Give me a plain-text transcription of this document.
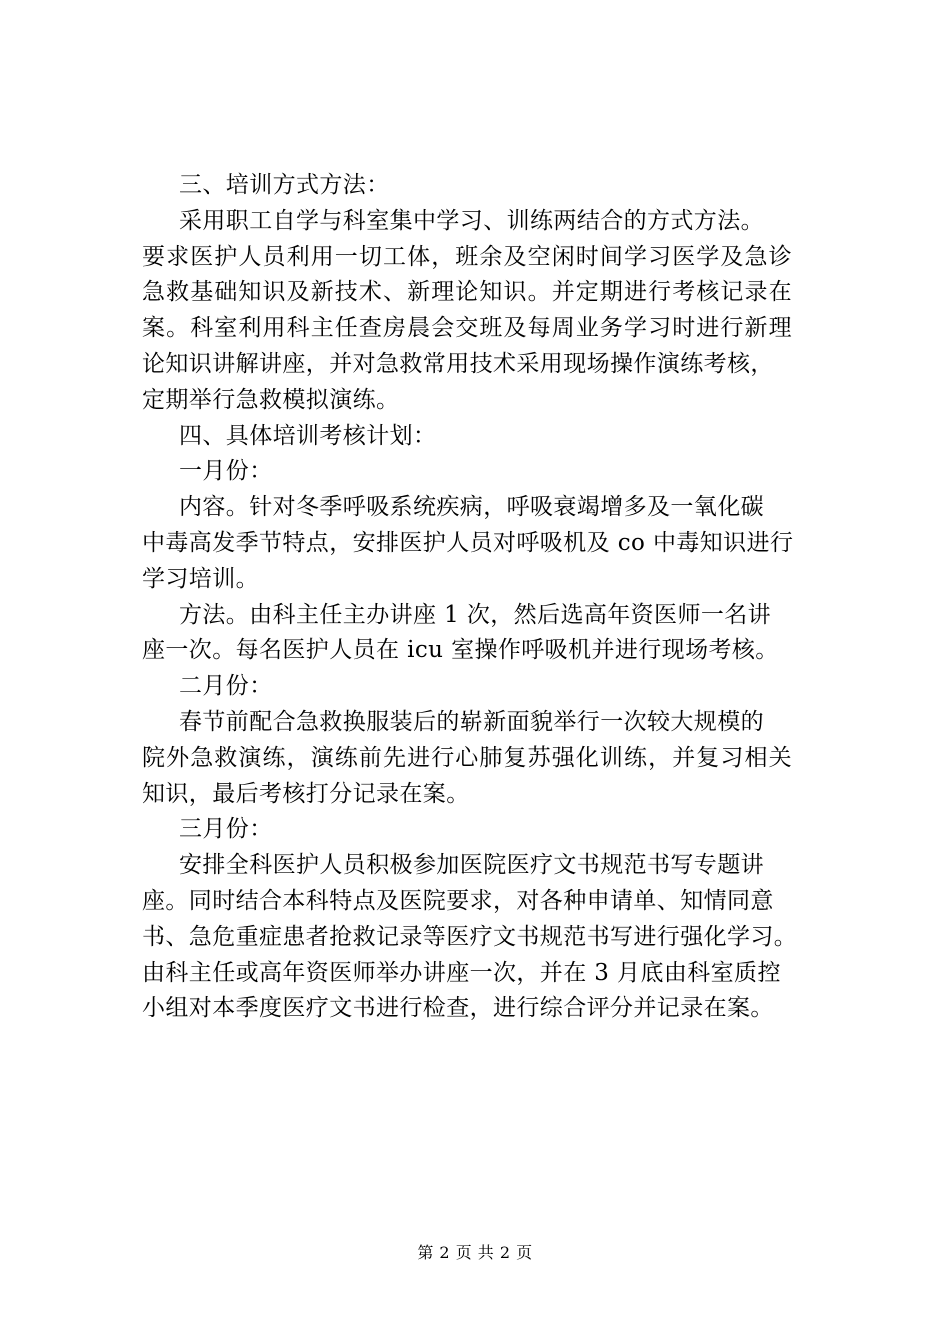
三、培训方式方法：
采用职工自学与科室集中学习、训练两结合的方式方法。
要求医护人员利用一切工体，班余及空闲时间学习医学及急诊
急救基础知识及新技术、新理论知识。并定期进行考核记录在
案。科室利用科主任查房晨会交班及每周业务学习时进行新理
论知识讲解讲座，并对急救常用技术采用现场操作演练考核，
定期举行急救模拟演练。
四、具体培训考核计划：
一月份：
内容。针对冬季呼吸系统疾病，呼吸衰竭增多及一氧化碳
中毒高发季节特点，安排医护人员对呼吸机及 co 中毒知识进行
学习培训。
方法。由科主任主办讲座 1 次，然后选高年资医师一名讲
座一次。每名医护人员在 icu 室操作呼吸机并进行现场考核。
二月份：
春节前配合急救换服装后的崭新面貌举行一次较大规模的
院外急救演练，演练前先进行心肺复苏强化训练，并复习相关
知识，最后考核打分记录在案。
三月份：
安排全科医护人员积极参加医院医疗文书规范书写专题讲
座。同时结合本科特点及医院要求，对各种申请单、知情同意
书、急危重症患者抢救记录等医疗文书规范书写进行强化学习。
由科主任或高年资医师举办讲座一次，并在 3 月底由科室质控
小组对本季度医疗文书进行检查，进行综合评分并记录在案。
第 2 页 共 2 页
